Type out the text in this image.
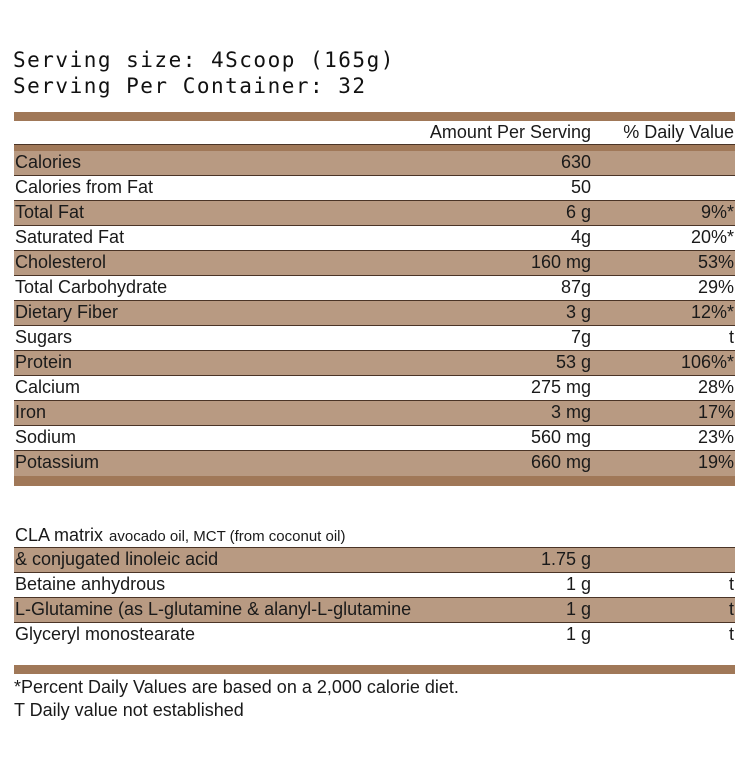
Serving size: 4Scoop (165g)
Serving Per Container: 32
Amount Per Serving % Daily Value
Calories	630
Calories from Fat	50
Total Fat	6 g	9%*
Saturated Fat	4g	20%*
Cholesterol	160 mg	53%
Total Carbohydrate	87g	29%
Dietary Fiber	3 g	12%*
Sugars	7g	t
Protein	53 g	106%*
Calcium	275 mg	28%
Iron	3 mg	17%
Sodium	560 mg	23%
Potassium	660 mg	19%
CLA matrix avocado oil, MCT (from coconut oil)
& conjugated linoleic acid	1.75 g
Betaine anhydrous	1 g	t
L-Glutamine (as L-glutamine & alanyl-L-glutamine	1 g	t
Glyceryl monostearate	1 g	t
*Percent Daily Values are based on a 2,000 calorie diet.
T Daily value not established
